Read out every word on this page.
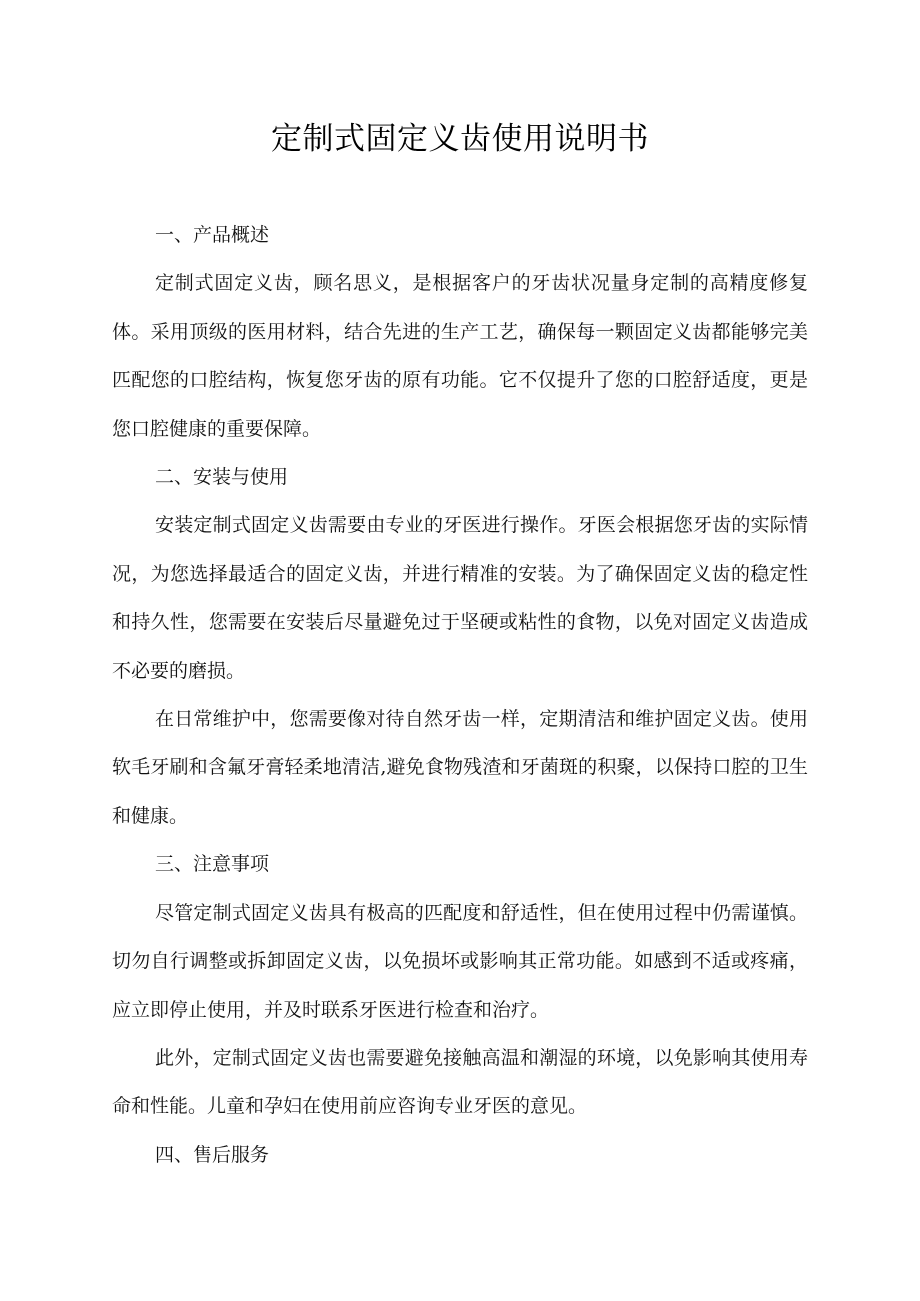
定制式固定义齿使用说明书
一、产品概述

定制式固定义齿，顾名思义，是根据客户的牙齿状况量身定制的高精度修复体。采用顶级的医用材料，结合先进的生产工艺，确保每一颗固定义齿都能够完美匹配您的口腔结构，恢复您牙齿的原有功能。它不仅提升了您的口腔舒适度，更是您口腔健康的重要保障。

二、安装与使用

安装定制式固定义齿需要由专业的牙医进行操作。牙医会根据您牙齿的实际情况，为您选择最适合的固定义齿，并进行精准的安装。为了确保固定义齿的稳定性和持久性，您需要在安装后尽量避免过于坚硬或粘性的食物，以免对固定义齿造成不必要的磨损。

在日常维护中，您需要像对待自然牙齿一样，定期清洁和维护固定义齿。使用软毛牙刷和含氟牙膏轻柔地清洁,避免食物残渣和牙菌斑的积聚，以保持口腔的卫生和健康。

三、注意事项

尽管定制式固定义齿具有极高的匹配度和舒适性，但在使用过程中仍需谨慎。切勿自行调整或拆卸固定义齿，以免损坏或影响其正常功能。如感到不适或疼痛，应立即停止使用，并及时联系牙医进行检查和治疗。

此外，定制式固定义齿也需要避免接触高温和潮湿的环境，以免影响其使用寿命和性能。儿童和孕妇在使用前应咨询专业牙医的意见。

四、售后服务
